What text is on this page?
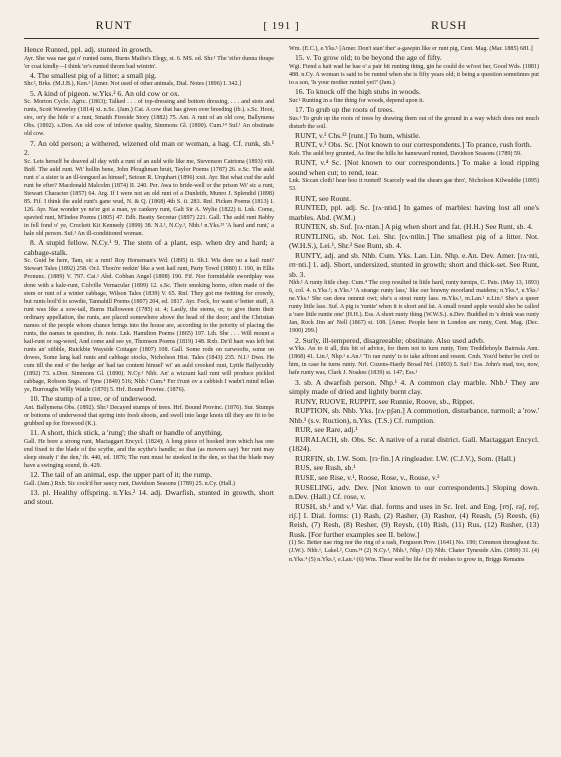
RUNT	[ 191 ]	RUSH

Hence Runted, ppl. adj. stunted in growth.

Ayr. She was nae gat o' runted rams, Burns Mailie's Elegy, st. 6. MS. ed. Shr.¹ The 'eifer dunna thrape 'er coat kindly—I think 'er's runted throm bad wintrin'.

4. The smallest pig of a litter; a small pig.

Shr.², Brks. (M.J.B.), Ken.¹ [Amer. Not used of other animals, Dial. Notes (1896) I. 342.]

5. A kind of pigeon. w.Yks.² 6. An old cow or ox.

Sc. Morton Cyclo. Agric. (1863); Talked . . . of top-dressing and bottom dressing, . . . and stots and runts, Scott Waverley (1814) xi. n.Sc. (Jam.) Cai. A cow that has given over breeding (ib.). s.Sc. Hoot, sirs, on'y the hide o' a runt, Smaith Fireside Story (1882) 75. Ant. A runt of an old cow, Ballymena Obs. (1892). s.Don. An old cow of inferior quality, Simmons Gl. (1890). Cum.¹⁴ Suf.¹ An obstinate old cow.

7. An old person; a withered, wizened old man or woman, a hag. Cf. runk, sb.¹ 2.

Sc. Lets herself be deaved all day with a runt of an auld wife like me, Stevenson Catriona (1893) viii. Bnff. The auld runt. Wi' hollin bene, John Ploughman bruit, Taylor Poems (1787) 26. e.Sc. The auld runt o' a sister is an ill-tongued as himsel', Setoun R. Urquhart (1896) xxii. Ayr. But what cud the auld runt be efter? Macdonald Malcolm (1874) II. 240. Per. Awa to bride-well or the prison Wi' sic a runt, Stewart Character (1857) 64. Arg. If I were not an old runt of a Dunleith, Munro J. Splendid (1898) 85. Fif. I think the auld runt's gane wud, N. & Q. (1868) 4th S. ii. 283. Rnf. Picken Poems (1813) I. 126. Ayr. Nae wonder ye ne'er got a man, ye cankery runt, Galt Sir A. Wylie (1822) ii. Lnk. Come, spavied runt, M'Indoe Poems (1805) 47. Edb. Beatty Secretar (1897) 221. Gall. The auld runt Babby in fell fond o' ye, Crockett Kit Kennedy (1899) 38. N.I.¹, N.Cy.¹, Nhb.¹ n.Yks.²³ 'A hard and runt,' a hale old person. Suf.¹ An ill-conditioned woman.

8. A stupid fellow. N.Cy.¹ 9. The stem of a plant, esp. when dry and hard; a cabbage-stalk.

Sc. Guid be here, Tam, sic a runt! Roy Horseman's Wd. (1895) ii. Sh.I. Wis dere no a kail runt? Stewart Tales (1892) 258. Or.I. Thou're reekin' like a wet kail runt, Party Towd (1880) I. 190, in Ellis Pronunc. (1889) V. 797. Cai.¹ Abd. Cobban Angel (1898) 190. Fif. Nor formidable swordplay was done with a kale-runt, Colville Vernacular (1899) 12. s.Sc. Their smoking horns, often made of the stem or runt of a winter cabbage, Wilson Tales (1839) V. 65. Rnf. They got me twitting for crowdy, but runts boil'd to sowdie, Tannahill Poems (1807) 204, ed. 1817. Ayr. Fock, for want o' better stuff, A runt was like a sow-tail, Burns Halloween (1785) st. 4; Lastly, the stems, or, to give them their ordinary appellation, the runts, are placed somewhere above the head of the door; and the Christian names of the people whom chance brings into the house are, according to the priority of placing the runts, the names in question, ib. note. Lnk. Hamilton Poems (1865) 197. Lth. She . . . Will mount a kail-runt or rag-weed, And come and see ye, Thomson Poems (1819) 148. Rxb. De'il haet was left but runts an' stibble, Ruickbie Wayside Cottager (1807) 108. Gall. Some rode on carwoofts, some on dowes, Some lang kail runts and cabbage stocks, Nicholson Hist. Tales (1843) 235. N.I.¹ Dwn. He cum till the end o' the hedge an' had tae content himsel' wi' an auld crooked runt, Lyttle Ballycuddy (1892) 73. s.Don. Simmons Gl. (1890). N.Cy.¹ Nhb. An' a wizzant kail runt will produce pickled cabbage, Robson Sngs. of Tyne (1849) 516; Nhb.¹ Cum.⁴ Fer t'runt ov a cabbish I wadn't mind tellan ye, Burroughs Willy Wattle (1870) 5. Hrf. Bound Provinc. (1876).

10. The stump of a tree, or of underwood.

Ant. Ballymena Obs. (1892). Shr.² Decayed stumps of trees. Hrf. Bound Provinc. (1876). Sur. Stumps or bottoms of underwood that spring into fresh shoots, and swell into large knots till they are fit to be grubbed up for firewood (K.).

11. A short, thick stick, a 'rung'; the shaft or handle of anything.

Gall. He bore a strong runt, Mactaggart Encycl. (1824); A long piece of hooked iron which has one end fixed to the blade of the scythe, and the scythe's handle; so that (as mowers say) 'her runt may sleep steady i' the den,' ib. 440, ed. 1876; The runt must be steeked in the den, so that the blade may have a swinging sound, ib. 429.

12. The tail of an animal, esp. the upper part of it; the rump.

Gall. (Jam.) Rxb. Sic cock'd her saucy runt, Davidson Seasons (1789) 25. n.Cy. (Hall.)

13. pl. Healthy offspring. n.Yks.² 14. adj. Dwarfish, stunted in growth, short and stout.

Wm. (E.C.), e.Yks.¹ [Amer. Don't stan' ther' a-gawpin like er runt pig, Cent. Mag. (Mar. 1885) 681.]

15. v. To grow old; to be beyond the age of fifty.

Wgt. Fiend a hait wad he hae o' a pair bit runting thing, gin he could do wi'oot her, Good Wds. (1881) 488. n.Cy. A woman is said to be runted when she is fifty years old; it being a question sometimes put to a son, 'Is your mother runted yet?' (Jam.)

16. To knock off the high stubs in woods.

Sur.¹ Runting in a fine thing for woods, depend upon it.

17. To grub up the roots of trees.

Sus.¹ To grub up the roots of trees by drawing them out of the ground in a way which does not much disturb the soil.

RUNT, v.² Chs.¹³ [runt.] To hum, whistle.

RUNT, v.³ Obs. Sc. [Not known to our correspondents.] To prance, rush forth.

Keb. The auld boy grunted, As fine the hills he hameward runted, Davidson Seasons (1789) 59.

RUNT, v.⁴ Sc. [Not known to our correspondents.] To make a loud ripping sound when cut; to rend, tear.

Lnk. Siccan cloth! hear hoo it runted! Scarcely wad the shears gae thro', Nicholson Kilwuddie (1895) 53.

RUNT, see Rount.

RUNTED, ppl. adj. Sc. [rʌ·ntid.] In games of marbles: having lost all one's marbles. Abd. (W.M.)

RUNTEN, sb. Suf. [rʌ·ntən.] A pig when short and fat. (H.H.) See Runt, sb. 4.

RUNTLING, sb. Not. Lei. Shr. [rʌ·ntlin.] The smallest pig of a litter. Not. (W.H.S.), Lei.¹, Shr.² See Runt, sb. 4.

RUNTY, adj. and sb. Nhb. Cum. Yks. Lan. Lin. Nhp. e.An. Dev. Amer. [rʌ·nti, rʊ·nti.] 1. adj. Short, undersized, stunted in growth; short and thick-set. See Runt, sb. 3.

Nhb.¹ A runty little chep. Cum.⁴ The crop resulted in little hard, runty turnips, C. Pats. (May 13, 1893) 6, col. 4. n.Yks.¹; n.Yks.² 'A strange runty lass,' like our brawny moorland maidens; n.Yks.⁴, e.Yks.¹ ne.Yks.¹ She can deea onnnut owt; she's a stout runty lass. m.Yks.¹, m.Lan.¹ n.Lin.¹ She's a queer runty little lass. Suf. A pig is 'runtie' when it is short and fat. A small round apple would also be called a 'rare little runtie one' (H.H.). Ess. A short runty thing (W.W.S.). n.Dev. Buddled in 's drink was runty Jan, Rock Jim an' Nell (1867) st. 108. [Amer. People here in London are runty, Cent. Mag. (Dec. 1900) 299.]

2. Surly, ill-tempered, disagreeable; obstinate. Also used advb.

w.Yks. An to it all, this bit of advice, for them not to turn runty, Tom Treddlehoyle Bairnsla Ann. (1868) 41. Lin.¹, Nhp.¹ e.An.¹ 'To ran runty' is to take affront and resent. Cmb. You'd better be civil to him, in case he turns runty. Nrf. Cozens-Hardy Broad Nrf. (1893) 5. Suf.¹ Ess. John's mad, too, now, hafe runty was, Clark J. Noakes (1839) st. 147; Ess.¹

3. sb. A dwarfish person. Nhp.¹ 4. A common clay marble. Nhb.¹ They are simply made of dried and lightly burnt clay.

RUNY, RUOVE, RUPPIT, see Runnie, Roove, sb., Rippet.

RUPTION, sb. Nhb. Yks. [rʌ·pʃən.] A commotion, disturbance, turmoil; a 'row.' Nhb.¹ (s.v. Ruction), n.Yks. (T.S.) Cf. rumption.

RUR, see Rare, adj.¹

RURALACH, sb. Obs. Sc. A native of a rural district. Gall. Mactaggart Encycl. (1824).

RURFIN, sb. I.W. Som. [rɜ·fin.] A ringleader. I.W. (C.J.V.), Som. (Hall.)

RUS, see Rush, sb.¹

RUSE, see Rise, v.¹, Roose, Rose, v., Rouse, v.²

RUSELING, adv. Dev. [Not known to our correspondents.] Sloping down. n.Dev. (Hall.) Cf. rose, v.

RUSH, sb.¹ and v.¹ Var. dial. forms and uses in Sc. Irel. and Eng. [rʊʃ, rəʃ, reʃ, riʃ.] I. Dial. forms: (1) Rash, (2) Rasher, (3) Rashor, (4) Reash, (5) Reesh, (6) Reish, (7) Resh, (8) Resher, (9) Reysh, (10) Rish, (11) Rus, (12) Rusher, (13) Rusk. [For further examples see II. below.]

(1) Sc. Better nae ring nor the ring of a rash, Ferguson Prov. (1641) No. 190; Common throughout Sc. (J.W.). Nhb.¹, Lakel.², Cum.¹⁴ (2) N.Cy.¹, Nhb.¹, Nhp.¹ (3) Nhb. Chater Tyneside Alm. (1869) 31. (4) n.Yks.⁴ (5) n.Yks.², e.Lan.¹ (6) Wm. Thear wod be lile for th' reishes to grow in, Briggs Remains
